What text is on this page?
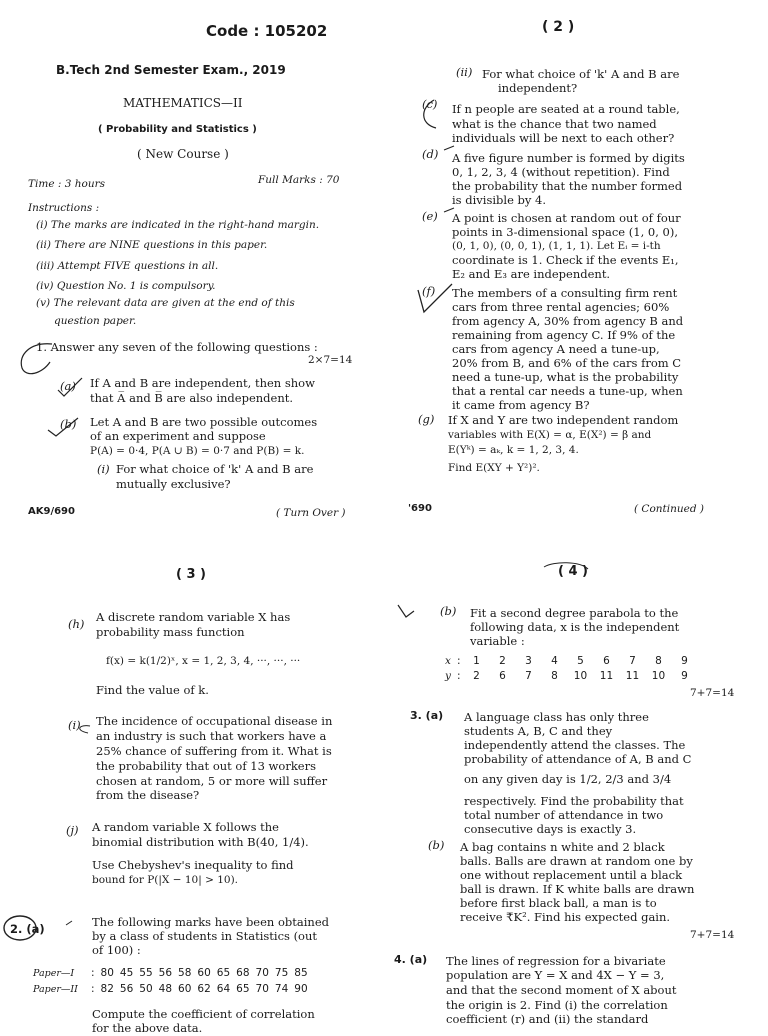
Code : 105202
B.Tech 2nd Semester Exam., 2019
MATHEMATICS—II
( Probability and Statistics )
( New Course )
Time : 3 hours	Full Marks : 70
Instructions :
(i) The marks are indicated in the right-hand margin.
(ii) There are NINE questions in this paper.
(iii) Attempt FIVE questions in all.
(iv) Question No. 1 is compulsory.
(v) The relevant data are given at the end of this
question paper.
1. Answer any seven of the following questions :
2×7=14
(a) If A and B are independent, then show
that A̅ and B̅ are also independent.
(b) Let A and B are two possible outcomes
of an experiment and suppose
P(A) = 0·4, P(A ∪ B) = 0·7 and P(B) = k.
(i) For what choice of 'k' A and B are
mutually exclusive?
AK9/690	( Turn Over )
( 2 )
(ii) For what choice of 'k' A and B are
independent?
(c) If n people are seated at a round table,
what is the chance that two named
individuals will be next to each other?
(d) A five figure number is formed by digits
0, 1, 2, 3, 4 (without repetition). Find
the probability that the number formed
is divisible by 4.
(e) A point is chosen at random out of four
points in 3-dimensional space (1, 0, 0),
(0, 1, 0), (0, 0, 1), (1, 1, 1). Let Eᵢ = i-th
coordinate is 1. Check if the events E₁,
E₂ and E₃ are independent.
(f) The members of a consulting firm rent
cars from three rental agencies; 60%
from agency A, 30% from agency B and
remaining from agency C. If 9% of the
cars from agency A need a tune-up,
20% from B, and 6% of the cars from C
need a tune-up, what is the probability
that a rental car needs a tune-up, when
it came from agency B?
(g) If X and Y are two independent random
variables with E(X) = α, E(X²) = β and
E(Yᵏ) = aₖ, k = 1, 2, 3, 4.
Find E(XY + Y²)².
'690	( Continued )
( 3 )
(h) A discrete random variable X has
probability mass function
f(x) = k(1/2)ˣ, x = 1, 2, 3, 4, ···, ···, ···
Find the value of k.
(i) The incidence of occupational disease in
an industry is such that workers have a
25% chance of suffering from it. What is
the probability that out of 13 workers
chosen at random, 5 or more will suffer
from the disease?
(j) A random variable X follows the
binomial distribution with B(40, 1/4).
Use Chebyshev's inequality to find
bound for P(|X − 10| > 10).
2. (a)	The following marks have been obtained
by a class of students in Statistics (out
of 100) :
Paper—I	:	80	45	55	56	58	60	65	68	70	75	85
Paper—II	:	82	56	50	48	60	62	64	65	70	74	90
Compute the coefficient of correlation
for the above data.
( 4 )
(b) Fit a second degree parabola to the
following data, x is the independent
variable :
x	:	1	2	3	4	5	6	7	8	9
y	:	2	6	7	8	10	11	11	10	9
7+7=14
3. (a) A language class has only three
students A, B, C and they
independently attend the classes. The
probability of attendance of A, B and C
on any given day is 1/2, 2/3 and 3/4
respectively. Find the probability that
total number of attendance in two
consecutive days is exactly 3.
(b) A bag contains n white and 2 black
balls. Balls are drawn at random one by
one without replacement until a black
ball is drawn. If K white balls are drawn
before first black ball, a man is to
receive ₹K². Find his expected gain.
7+7=14
4. (a) The lines of regression for a bivariate
population are Y = X and 4X − Y = 3,
and that the second moment of X about
the origin is 2. Find (i) the correlation
coefficient (r) and (ii) the standard
